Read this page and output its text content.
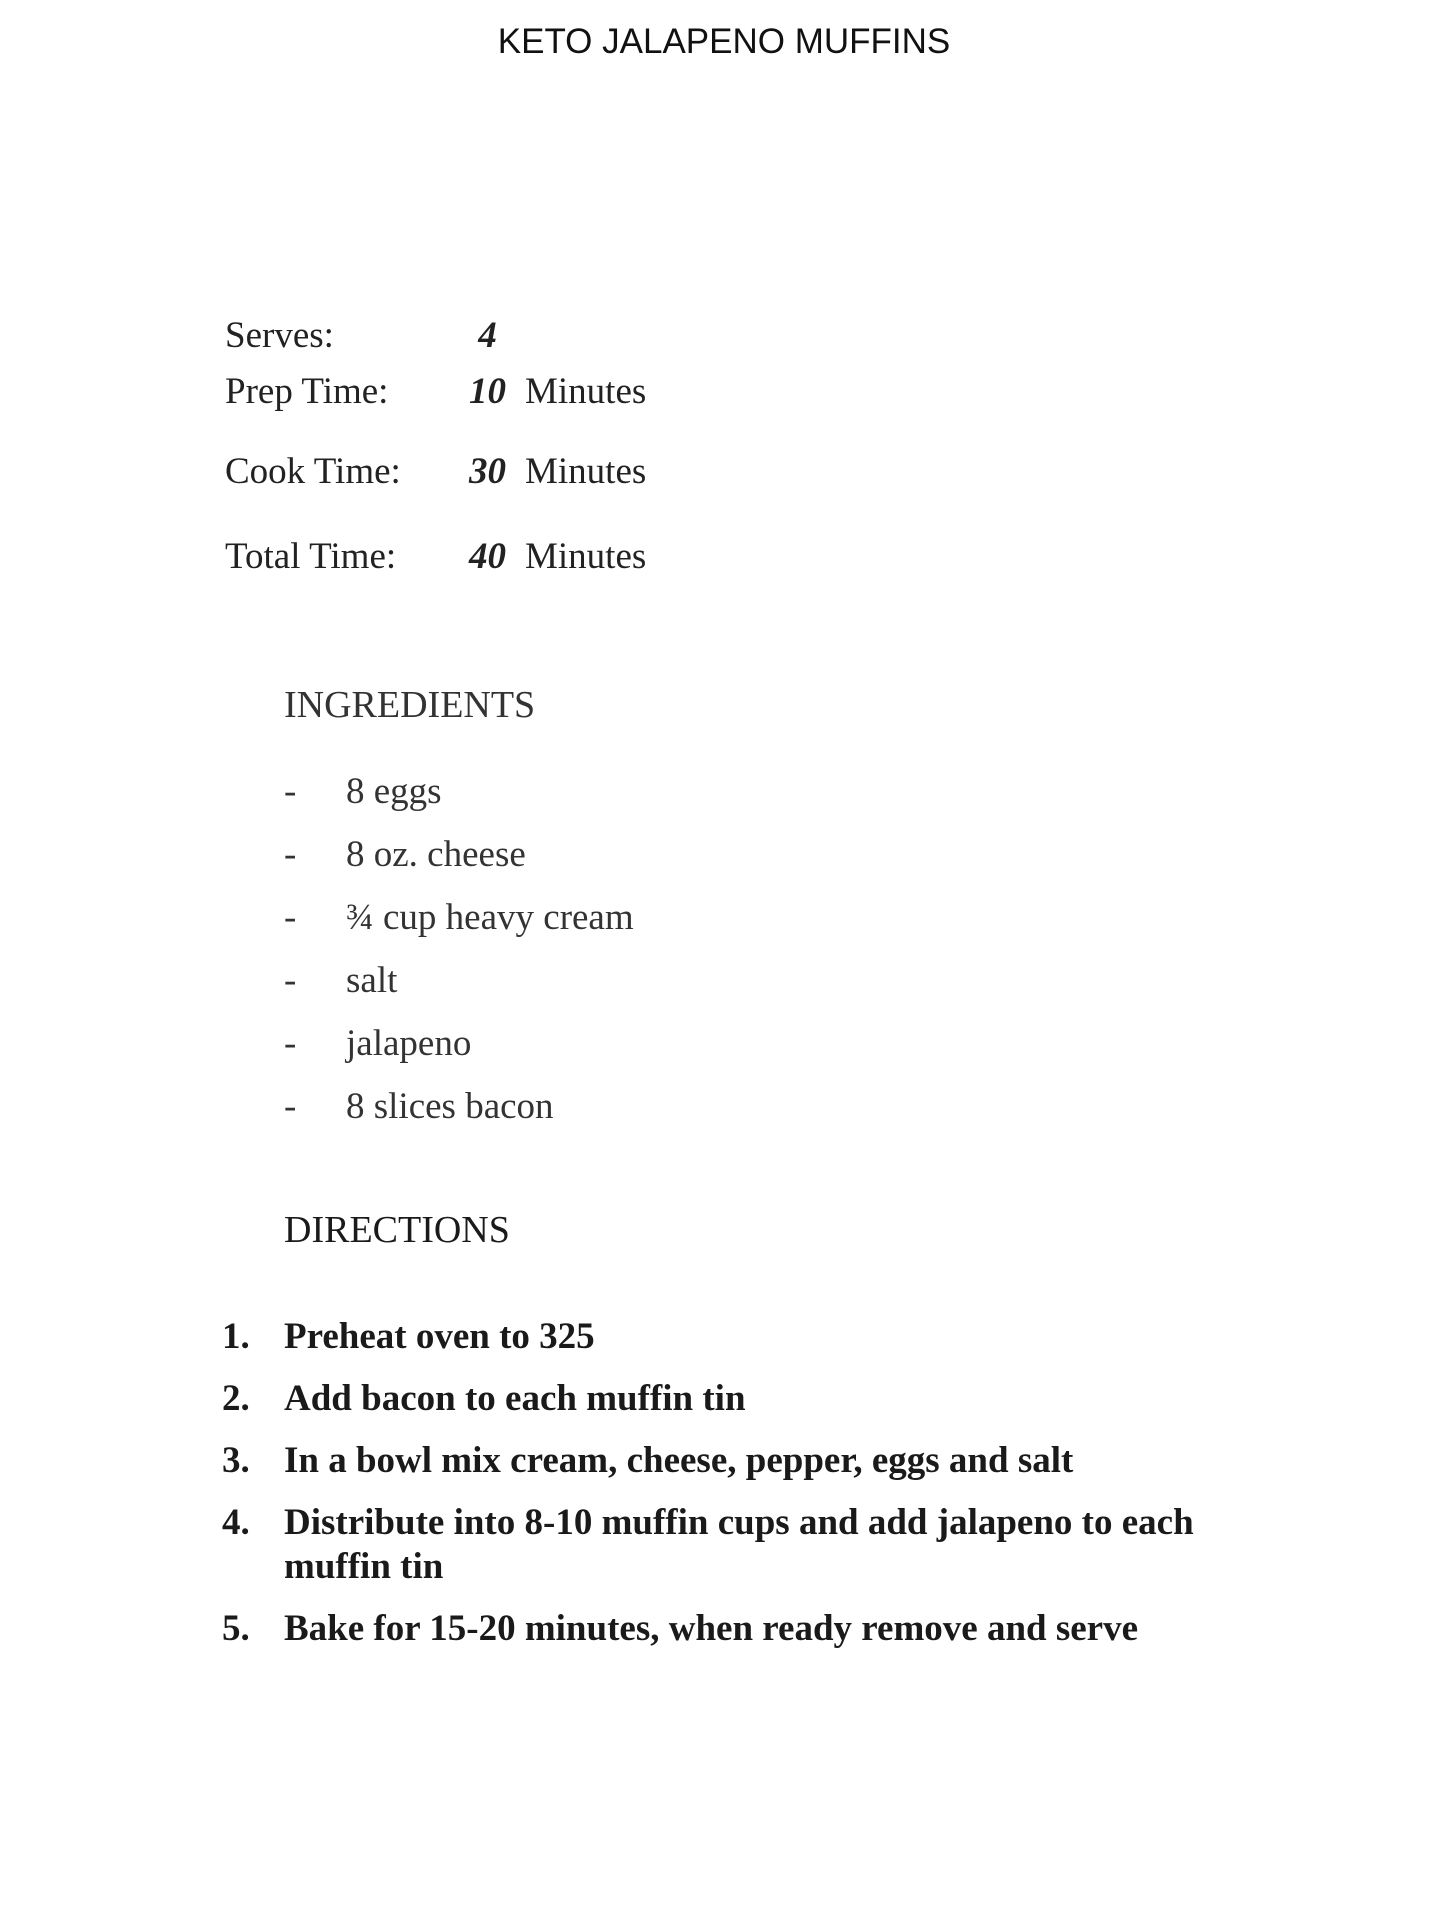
KETO JALAPENO MUFFINS
Serves:	4
Prep Time:	10 Minutes
Cook Time:	30 Minutes
Total Time:	40 Minutes
INGREDIENTS
- 8 eggs
- 8 oz. cheese
- ¾ cup heavy cream
- salt
- jalapeno
- 8 slices bacon
DIRECTIONS
1. Preheat oven to 325
2. Add bacon to each muffin tin
3. In a bowl mix cream, cheese, pepper, eggs and salt
4. Distribute into 8-10 muffin cups and add jalapeno to each muffin tin
5. Bake for 15-20 minutes, when ready remove and serve
